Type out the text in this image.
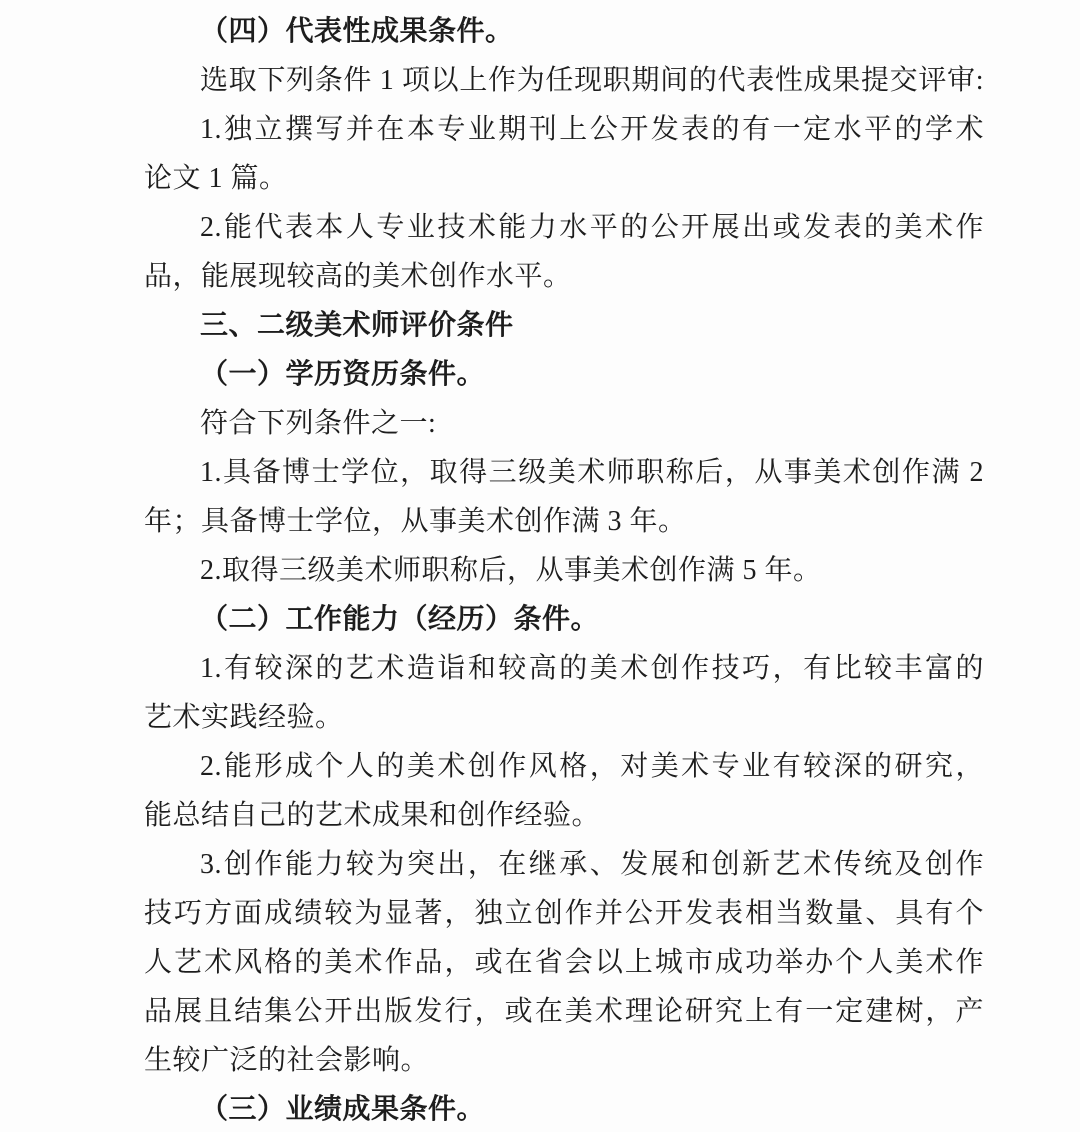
（四）代表性成果条件。

选取下列条件 1 项以上作为任现职期间的代表性成果提交评审:

1.独立撰写并在本专业期刊上公开发表的有一定水平的学术

论文 1 篇。

2.能代表本人专业技术能力水平的公开展出或发表的美术作

品，能展现较高的美术创作水平。

三、二级美术师评价条件

（一）学历资历条件。

符合下列条件之一:

1.具备博士学位，取得三级美术师职称后，从事美术创作满 2

年；具备博士学位，从事美术创作满 3 年。

2.取得三级美术师职称后，从事美术创作满 5 年。

（二）工作能力（经历）条件。

1.有较深的艺术造诣和较高的美术创作技巧，有比较丰富的

艺术实践经验。

2.能形成个人的美术创作风格，对美术专业有较深的研究，

能总结自己的艺术成果和创作经验。

3.创作能力较为突出，在继承、发展和创新艺术传统及创作

技巧方面成绩较为显著，独立创作并公开发表相当数量、具有个

人艺术风格的美术作品，或在省会以上城市成功举办个人美术作

品展且结集公开出版发行，或在美术理论研究上有一定建树，产

生较广泛的社会影响。

（三）业绩成果条件。
